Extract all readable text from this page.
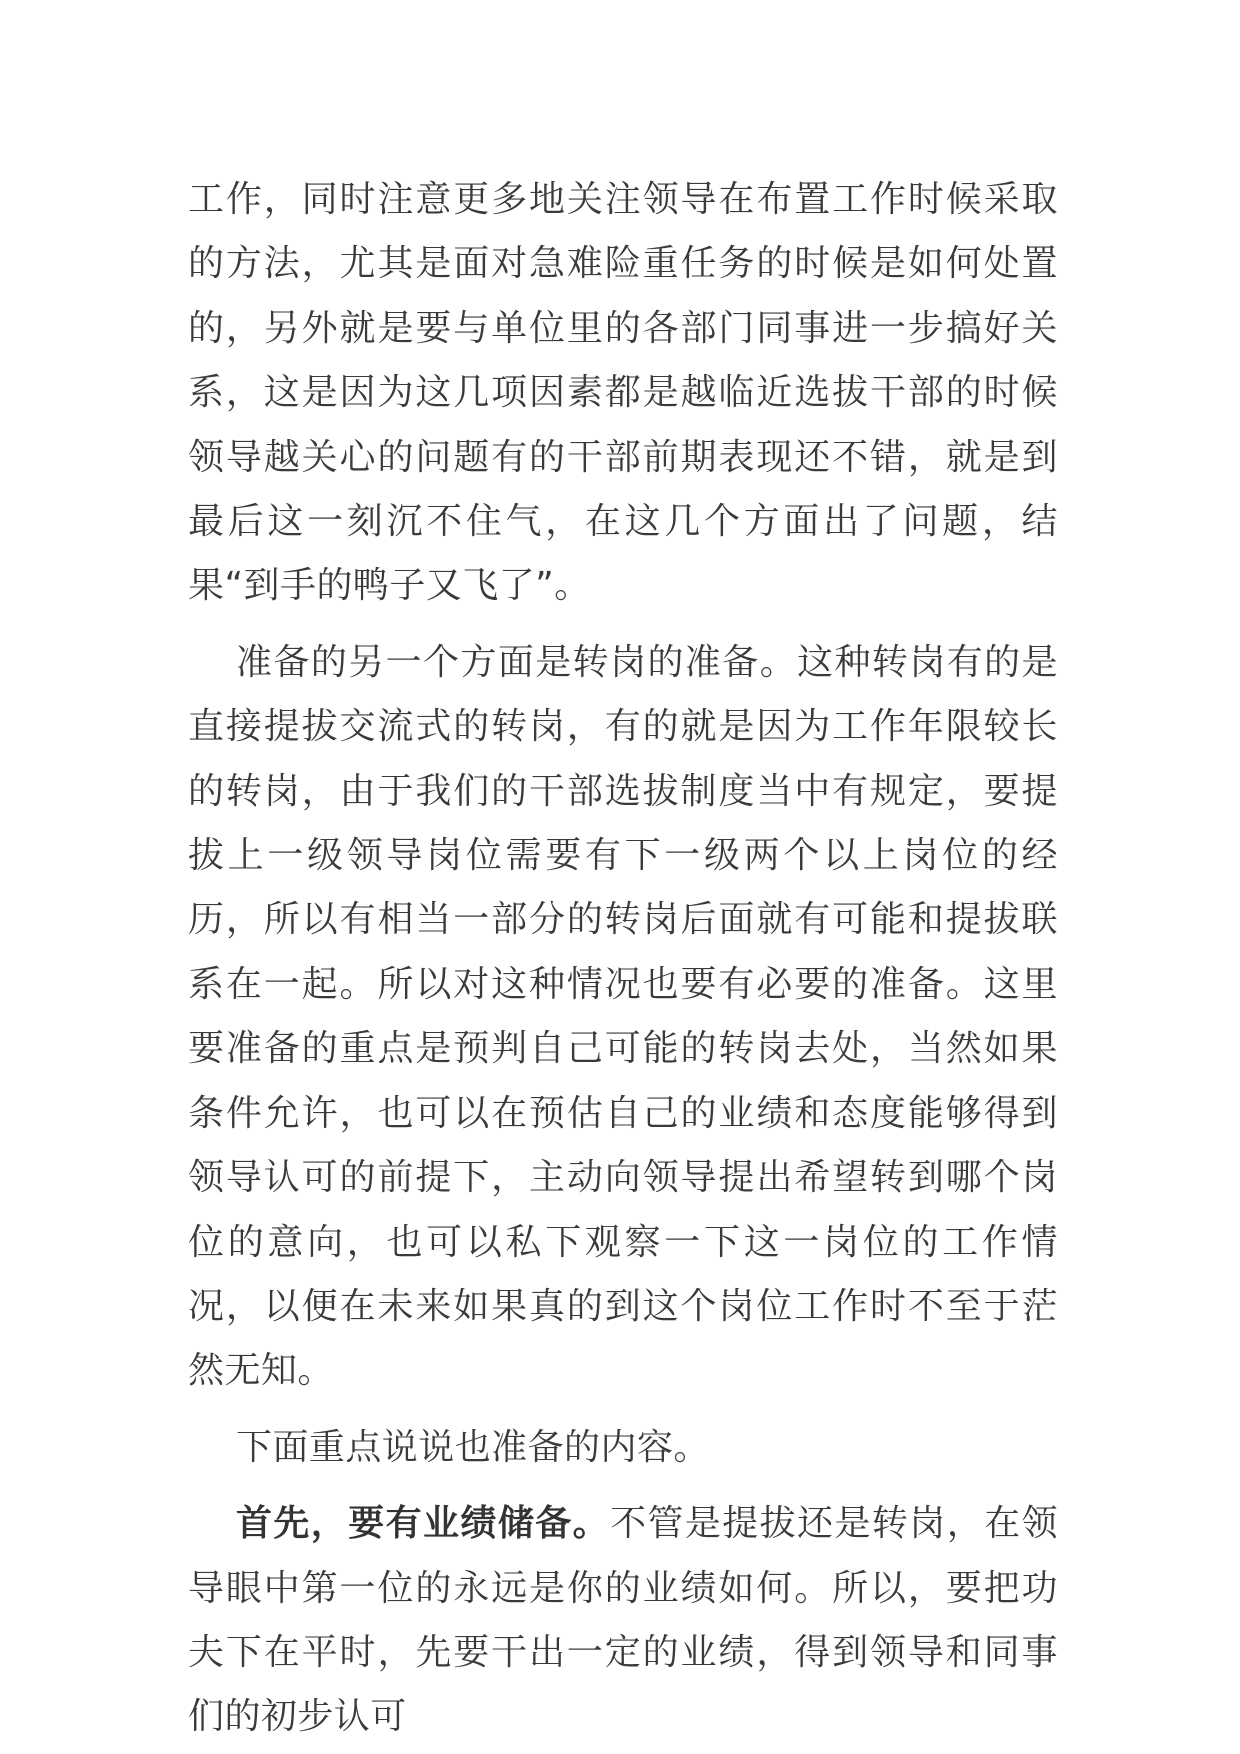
工作，同时注意更多地关注领导在布置工作时候采取的方法，尤其是面对急难险重任务的时候是如何处置的，另外就是要与单位里的各部门同事进一步搞好关系，这是因为这几项因素都是越临近选拔干部的时候领导越关心的问题有的干部前期表现还不错，就是到最后这一刻沉不住气，在这几个方面出了问题，结果“到手的鸭子又飞了”。

准备的另一个方面是转岗的准备。这种转岗有的是直接提拔交流式的转岗，有的就是因为工作年限较长的转岗，由于我们的干部选拔制度当中有规定，要提拔上一级领导岗位需要有下一级两个以上岗位的经历，所以有相当一部分的转岗后面就有可能和提拔联系在一起。所以对这种情况也要有必要的准备。这里要准备的重点是预判自己可能的转岗去处，当然如果条件允许，也可以在预估自己的业绩和态度能够得到领导认可的前提下，主动向领导提出希望转到哪个岗位的意向，也可以私下观察一下这一岗位的工作情况，以便在未来如果真的到这个岗位工作时不至于茫然无知。

下面重点说说也准备的内容。

首先，要有业绩储备。不管是提拔还是转岗，在领导眼中第一位的永远是你的业绩如何。所以，要把功夫下在平时，先要干出一定的业绩，得到领导和同事们的初步认可
